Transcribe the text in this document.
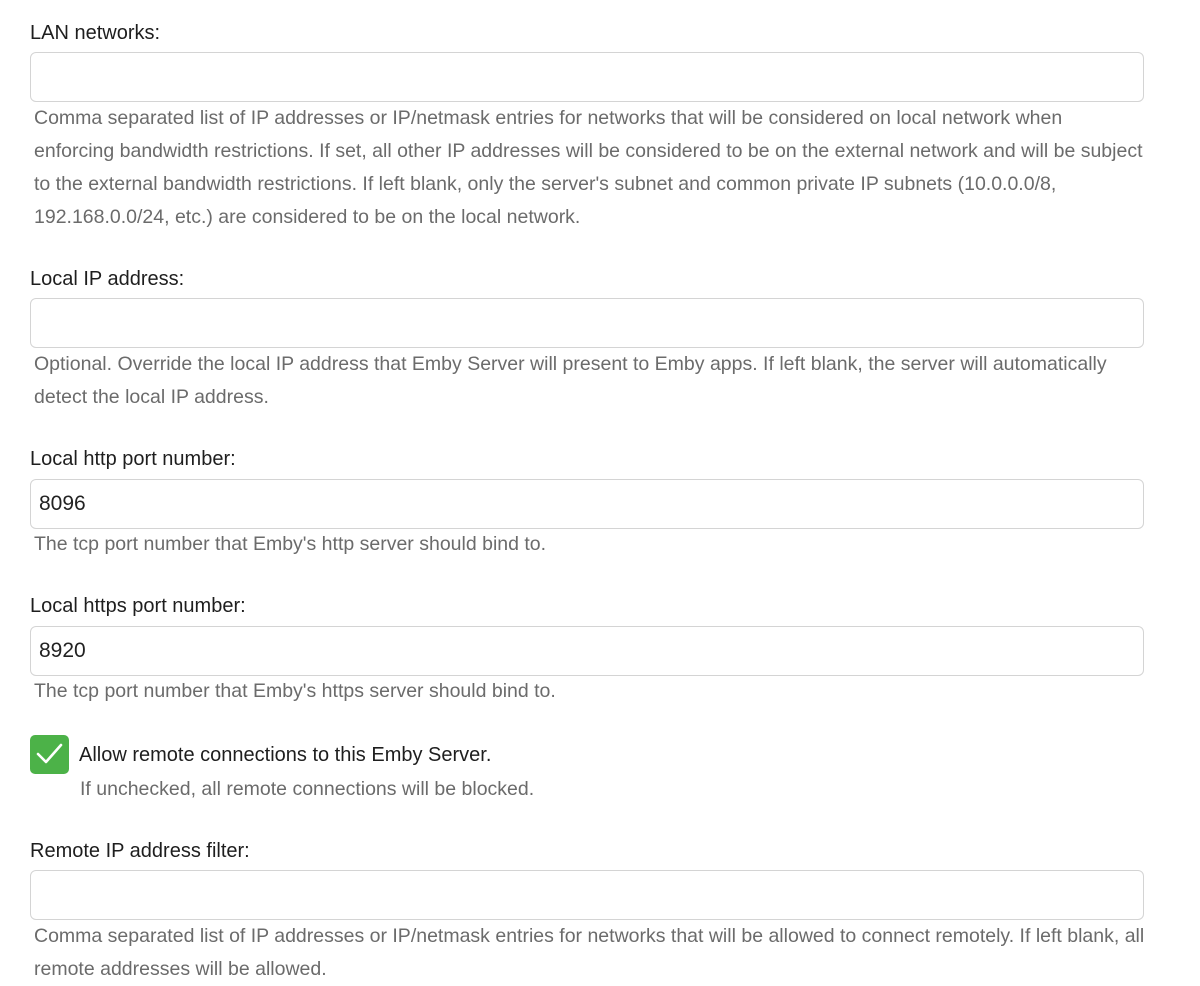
LAN networks:
Comma separated list of IP addresses or IP/netmask entries for networks that will be considered on local network when enforcing bandwidth restrictions. If set, all other IP addresses will be considered to be on the external network and will be subject to the external bandwidth restrictions. If left blank, only the server's subnet and common private IP subnets (10.0.0.0/8, 192.168.0.0/24, etc.) are considered to be on the local network.
Local IP address:
Optional. Override the local IP address that Emby Server will present to Emby apps. If left blank, the server will automatically detect the local IP address.
Local http port number:
8096
The tcp port number that Emby's http server should bind to.
Local https port number:
8920
The tcp port number that Emby's https server should bind to.
Allow remote connections to this Emby Server.
If unchecked, all remote connections will be blocked.
Remote IP address filter:
Comma separated list of IP addresses or IP/netmask entries for networks that will be allowed to connect remotely. If left blank, all remote addresses will be allowed.
